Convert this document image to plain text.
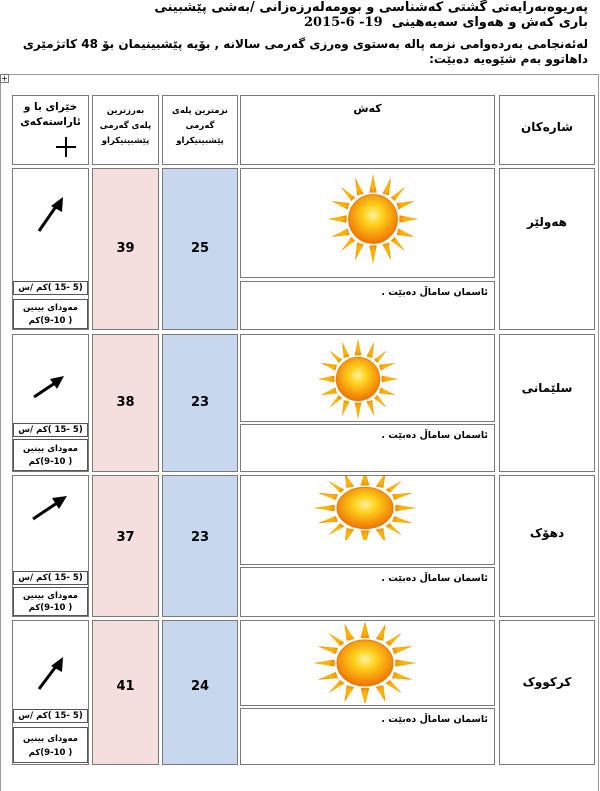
پەریوەبەرایەتی گشتی کەشناسی و بوومەلەرزەزانی /بەشی پێشبینی
باری کەش و هەوای سەیەهینی  19- 6-2015
لەئەنجامی بەردەوامی نزمە پالە بەستوی وەرزی گەرمی سالانە , بۆیە پێشبینیمان بۆ 48 کاتژمێری
داهاتوو بەم شێوەیە دەبێت:
+
شارەکان
کەش
نزمترین پلەی گەرمی پێشبینیکراو
بەرزترین پلەی گەرمی پێشبینیکراو
خێرای با و ئاراستەکەی
هەولێر
ئاسمان ساماڵ دەبێت .
25
39
(5 -15 )کم /س
مەودای بینین
( 9-10)کم
سلێمانی
ئاسمان ساماڵ دەبێت .
23
38
(5 -15 )کم /س
مەودای بینین
( 9-10)کم
دهۆک
ئاسمان ساماڵ دەبێت .
23
37
(5 -15 )کم /س
مەودای بینین
( 9-10)کم
کرکووک
ئاسمان ساماڵ دەبێت .
24
41
(5 -15 )کم /س
مەودای بینین
( 9-10)کم
